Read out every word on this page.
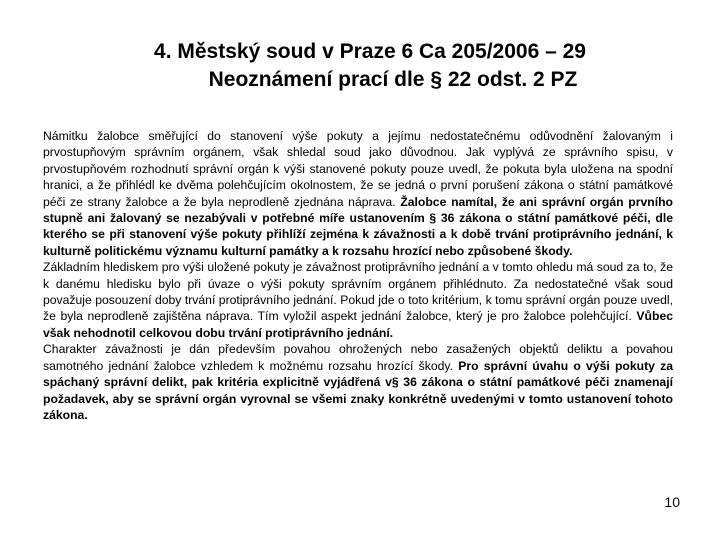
4. Městský soud v Praze 6 Ca 205/2006 – 29
Neoznámení prací dle § 22 odst. 2 PZ

Námitku žalobce směřující do stanovení výše pokuty a jejímu nedostatečnému odůvodnění žalovaným i prvostupňovým správním orgánem, však shledal soud jako důvodnou. Jak vyplývá ze správního spisu, v prvostupňovém rozhodnutí správní orgán k výši stanovené pokuty pouze uvedl, že pokuta byla uložena na spodní hranici, a že přihlédl ke dvěma polehčujícím okolnostem, že se jedná o první porušení zákona o státní památkové péči ze strany žalobce a že byla neprodleně zjednána náprava. Žalobce namítal, že ani správní orgán prvního stupně ani žalovaný se nezabývali v potřebné míře ustanovením § 36 zákona o státní památkové péči, dle kterého se při stanovení výše pokuty přihlíží zejména k závažnosti a k době trvání protiprávního jednání, k kulturně politickému významu kulturní památky a k rozsahu hrozící nebo způsobené škody.

Základním hlediskem pro výši uložené pokuty je závažnost protiprávního jednání a v tomto ohledu má soud za to, že k danému hledisku bylo při úvaze o výši pokuty správním orgánem přihlédnuto. Za nedostatečné však soud považuje posouzení doby trvání protiprávního jednání. Pokud jde o toto kritérium, k tomu správní orgán pouze uvedl, že byla neprodleně zajištěna náprava. Tím vyložil aspekt jednání žalobce, který je pro žalobce polehčující. Vůbec však nehodnotil celkovou dobu trvání protiprávního jednání.

Charakter závažnosti je dán především povahou ohrožených nebo zasažených objektů deliktu a povahou samotného jednání žalobce vzhledem k možnému rozsahu hrozící škody. Pro správní úvahu o výši pokuty za spáchaný správní delikt, pak kritéria explicitně vyjádřená v§ 36 zákona o státní památkové péči znamenají požadavek, aby se správní orgán vyrovnal se všemi znaky konkrétně uvedenými v tomto ustanovení tohoto zákona.

10
